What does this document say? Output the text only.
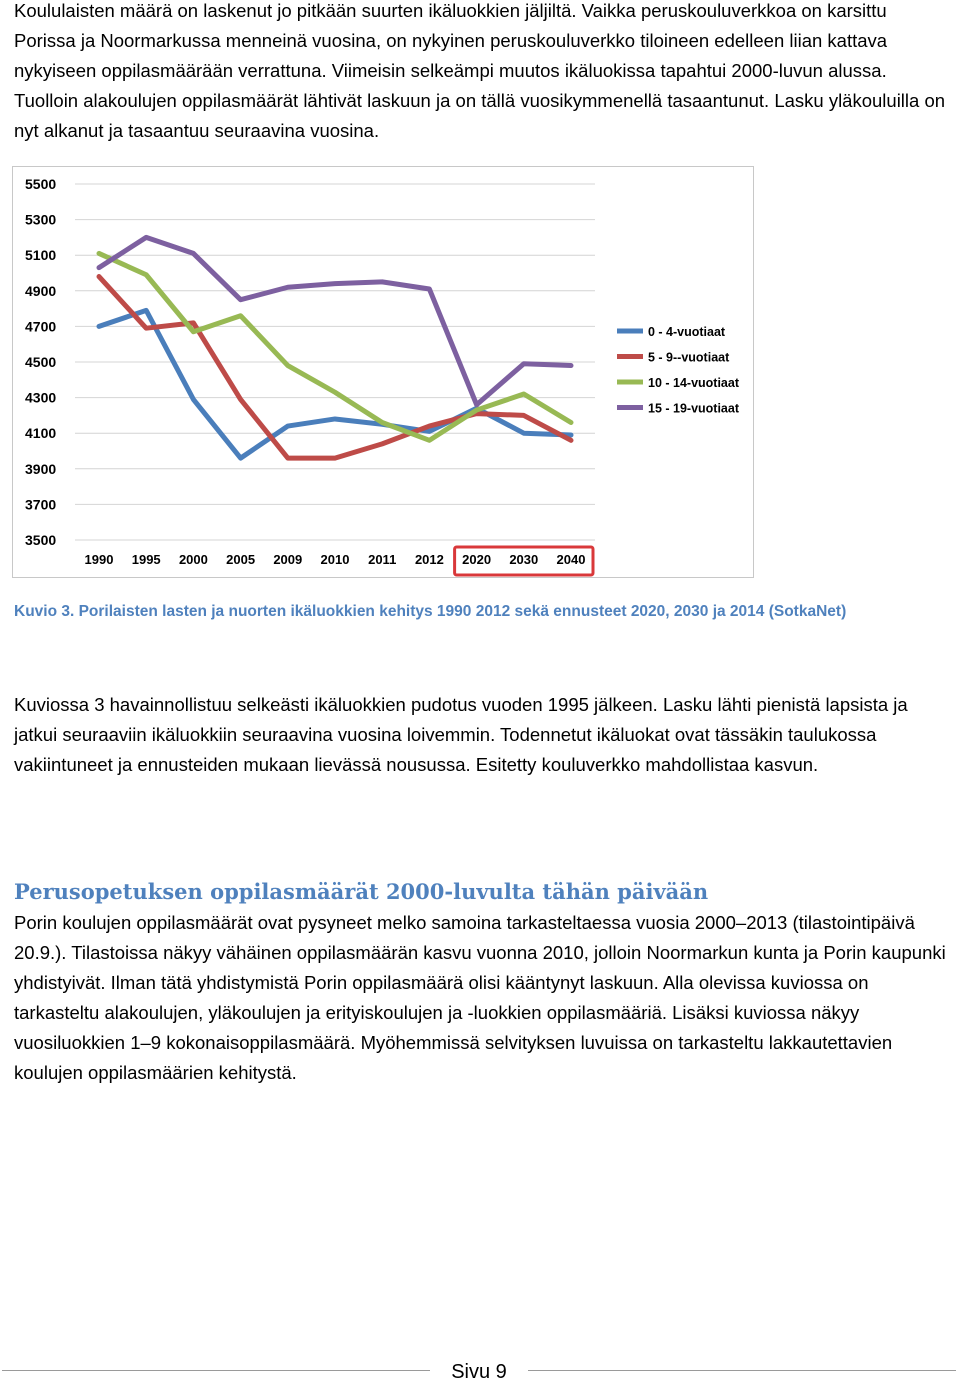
Koululaisten määrä on laskenut jo pitkään suurten ikäluokkien jäljiltä. Vaikka peruskouluverkkoa on karsittu Porissa ja Noormarkussa menneinä vuosina, on nykyinen peruskouluverkko tiloineen edelleen liian kattava nykyiseen oppilasmäärään verrattuna. Viimeisin selkeämpi muutos ikäluokissa tapahtui 2000-luvun alussa. Tuolloin alakoulujen oppilasmäärät lähtivät laskuun ja on tällä vuosikymmenellä tasaantunut. Lasku yläkouluilla on nyt alkanut ja tasaantuu seuraavina vuosina.

3500
3700
3900
4100
4300
4500
4700
4900
5100
5300
5500
1990 1995 2000 2005 2009 2010 2011 2012 2020 2030 2040
0 - 4-vuotiaat
5 - 9--vuotiaat
10 - 14-vuotiaat
15 - 19-vuotiaat

Kuvio 3. Porilaisten lasten ja nuorten ikäluokkien kehitys 1990 2012 sekä ennusteet 2020, 2030 ja 2014 (SotkaNet)

Kuviossa 3 havainnollistuu selkeästi ikäluokkien pudotus vuoden 1995 jälkeen. Lasku lähti pienistä lapsista ja jatkui seuraaviin ikäluokkiin seuraavina vuosina loivemmin. Todennetut ikäluokat ovat tässäkin taulukossa vakiintuneet ja ennusteiden mukaan lievässä nousussa. Esitetty kouluverkko mahdollistaa kasvun.

Perusopetuksen oppilasmäärät 2000-luvulta tähän päivään

Porin koulujen oppilasmäärät ovat pysyneet melko samoina tarkasteltaessa vuosia 2000–2013 (tilastointipäivä 20.9.). Tilastoissa näkyy vähäinen oppilasmäärän kasvu vuonna 2010, jolloin Noormarkun kunta ja Porin kaupunki yhdistyivät. Ilman tätä yhdistymistä Porin oppilasmäärä olisi kääntynyt laskuun. Alla olevissa kuviossa on tarkasteltu alakoulujen, yläkoulujen ja erityiskoulujen ja -luokkien oppilasmääriä. Lisäksi kuviossa näkyy vuosiluokkien 1–9 kokonaisoppilasmäärä. Myöhemmissä selvityksen luvuissa on tarkasteltu lakkautettavien koulujen oppilasmäärien kehitystä.

Sivu 9
